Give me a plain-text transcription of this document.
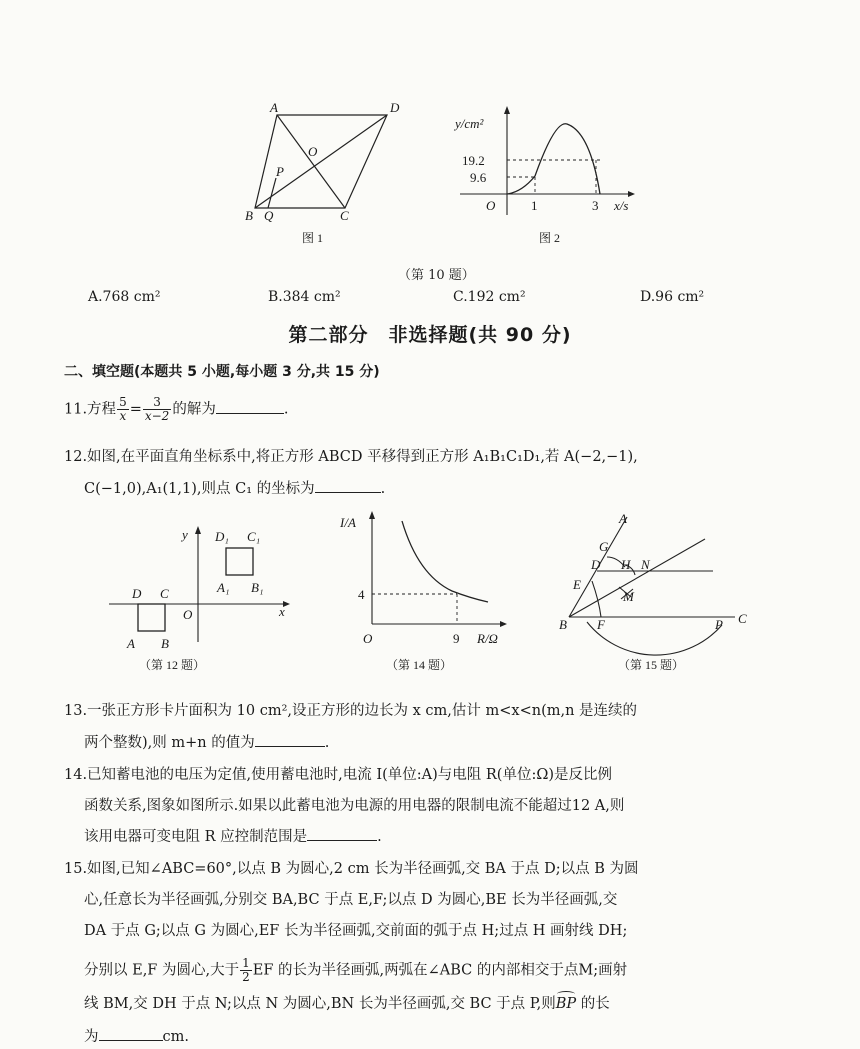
A	D
O
P
B Q	C
图 1
y/cm²
19.2
9.6
O	1	3 x/s
图 2
（第 10 题）
A.768 cm²	B.384 cm²	C.192 cm²	D.96 cm²
第二部分　非选择题(共 90 分)
二、填空题(本题共 5 小题,每小题 3 分,共 15 分)
11.方程 $\frac{5}{x} = \frac{3}{x-2}$ 的解为	.
12.如图,在平面直角坐标系中,将正方形 ABCD 平移得到正方形 A₁B₁C₁D₁,若 A(−2,−1),
C(−1,0),A₁(1,1),则点 C₁ 的坐标为	.
y D₁ C₁
A₁ B₁
x
D C
O
A B
（第 12 题）
I/A
4
O	9 R/Ω
（第 14 题）
A
G
D H N
E
M
B F	P C
（第 15 题）
13.一张正方形卡片面积为 10 cm²,设正方形的边长为 x cm,估计 m<x<n(m,n 是连续的
两个整数),则 m+n 的值为	.
14.已知蓄电池的电压为定值,使用蓄电池时,电流 I(单位:A)与电阻 R(单位:Ω)是反比例
函数关系,图象如图所示.如果以此蓄电池为电源的用电器的限制电流不能超过12 A,则
该用电器可变电阻 R 应控制范围是	.
15.如图,已知∠ABC=60°,以点 B 为圆心,2 cm 长为半径画弧,交 BA 于点 D;以点 B 为圆
心,任意长为半径画弧,分别交 BA,BC 于点 E,F;以点 D 为圆心,BE 长为半径画弧,交
DA 于点 G;以点 G 为圆心,EF 长为半径画弧,交前面的弧于点 H;过点 H 画射线 DH;
分别以 E,F 为圆心,大于 $\frac{1}{2}$ EF 的长为半径画弧,两弧在∠ABC 的内部相交于点M;画射
线 BM,交 DH 于点 N;以点 N 为圆心,BN 长为半径画弧,交 BC 于点 P,则
BP 的长
为	cm.
